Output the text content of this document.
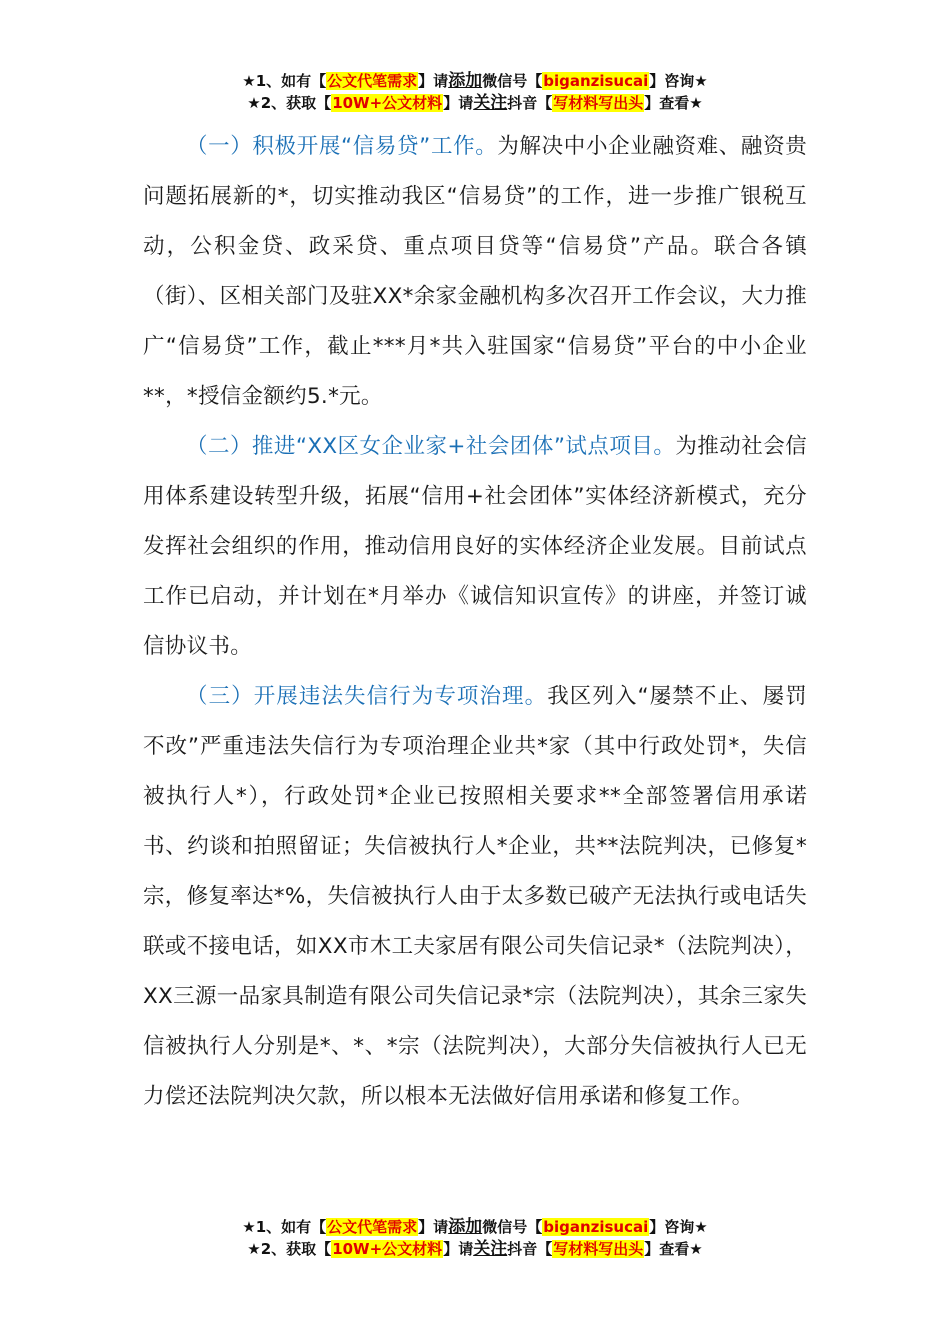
★1、如有【公文代笔需求】请添加微信号【biganzisucai】咨询★
★2、获取【10W+公文材料】请关注抖音【写材料写出头】查看★

（一）积极开展“信易贷”工作。为解决中小企业融资难、融资贵问题拓展新的*，切实推动我区“信易贷”的工作，进一步推广银税互动，公积金贷、政采贷、重点项目贷等“信易贷”产品。联合各镇（街）、区相关部门及驻XX*余家金融机构多次召开工作会议，大力推广“信易贷”工作，截止***月*共入驻国家“信易贷”平台的中小企业**，*授信金额约5.*元。

（二）推进“XX区女企业家+社会团体”试点项目。为推动社会信用体系建设转型升级，拓展“信用+社会团体”实体经济新模式，充分发挥社会组织的作用，推动信用良好的实体经济企业发展。目前试点工作已启动，并计划在*月举办《诚信知识宣传》的讲座，并签订诚信协议书。

（三）开展违法失信行为专项治理。我区列入“屡禁不止、屡罚不改”严重违法失信行为专项治理企业共*家（其中行政处罚*，失信被执行人*），行政处罚*企业已按照相关要求**全部签署信用承诺书、约谈和拍照留证；失信被执行人*企业，共**法院判决，已修复*宗，修复率达*%，失信被执行人由于太多数已破产无法执行或电话失联或不接电话，如XX市木工夫家居有限公司失信记录*（法院判决），XX三源一品家具制造有限公司失信记录*宗（法院判决），其余三家失信被执行人分别是*、*、*宗（法院判决），大部分失信被执行人已无力偿还法院判决欠款，所以根本无法做好信用承诺和修复工作。

★1、如有【公文代笔需求】请添加微信号【biganzisucai】咨询★
★2、获取【10W+公文材料】请关注抖音【写材料写出头】查看★
